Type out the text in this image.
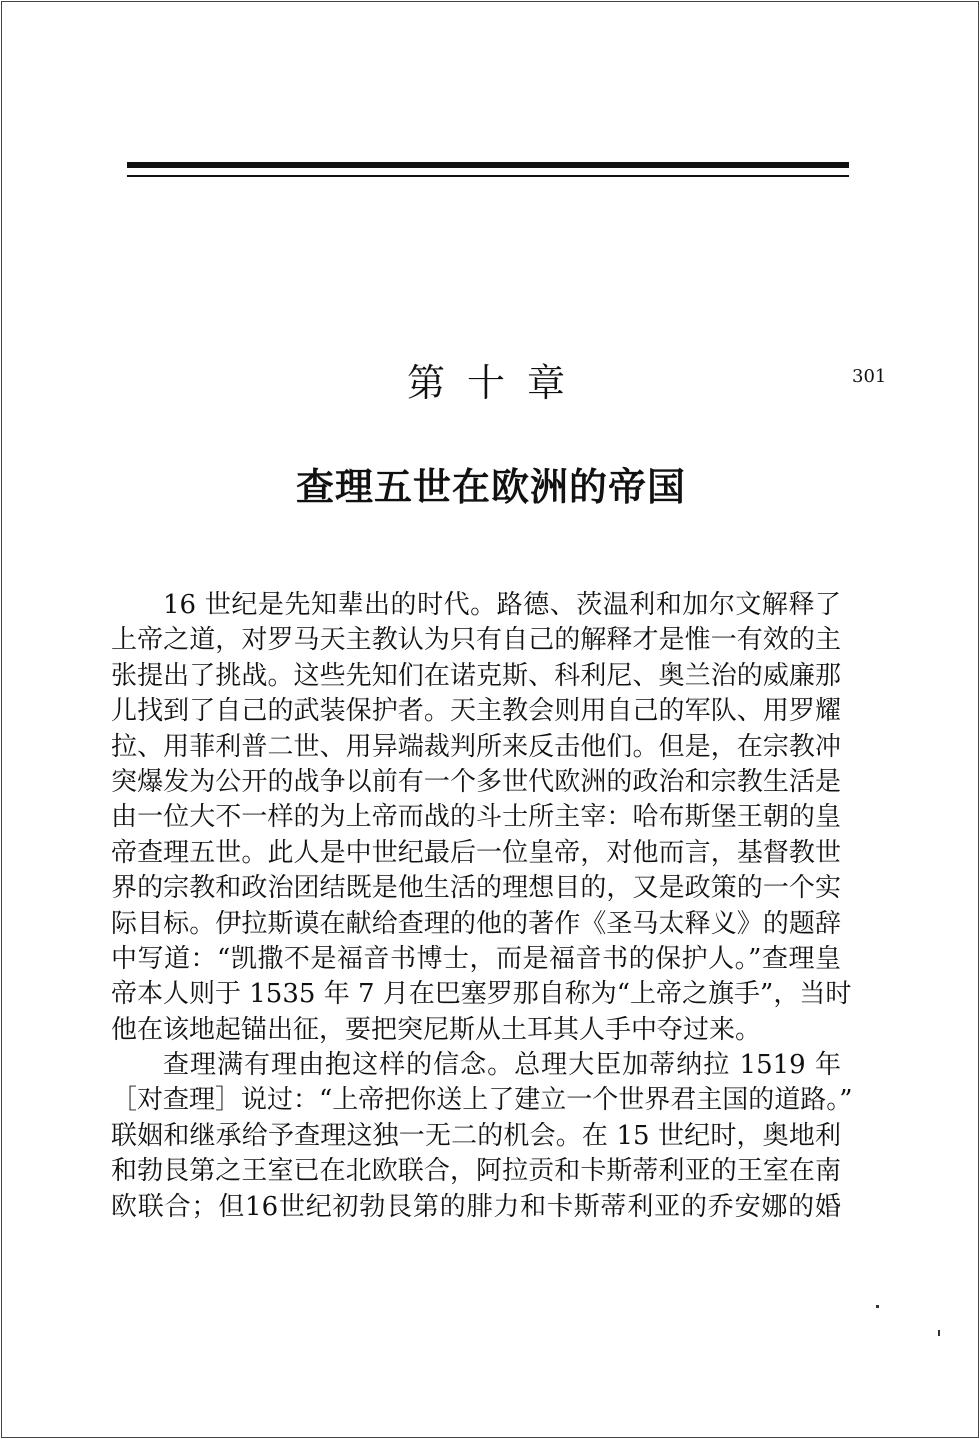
第十章	301
查理五世在欧洲的帝国
16 世纪是先知辈出的时代。路德、茨温利和加尔文解释了
上帝之道，对罗马天主教认为只有自己的解释才是惟一有效的主
张提出了挑战。这些先知们在诺克斯、科利尼、奥兰治的威廉那
儿找到了自己的武装保护者。天主教会则用自己的军队、用罗耀
拉、用菲利普二世、用异端裁判所来反击他们。但是，在宗教冲
突爆发为公开的战争以前有一个多世代欧洲的政治和宗教生活是
由一位大不一样的为上帝而战的斗士所主宰：哈布斯堡王朝的皇
帝查理五世。此人是中世纪最后一位皇帝，对他而言，基督教世
界的宗教和政治团结既是他生活的理想目的，又是政策的一个实
际目标。伊拉斯谟在献给查理的他的著作《圣马太释义》的题辞
中写道：“凯撒不是福音书博士，而是福音书的保护人。”查理皇
帝本人则于 1535 年 7 月在巴塞罗那自称为“上帝之旗手”，当时
他在该地起锚出征，要把突尼斯从土耳其人手中夺过来。
查理满有理由抱这样的信念。总理大臣加蒂纳拉 1519 年
［对查理］说过：“上帝把你送上了建立一个世界君主国的道路。”
联姻和继承给予查理这独一无二的机会。在 15 世纪时，奥地利
和勃艮第之王室已在北欧联合，阿拉贡和卡斯蒂利亚的王室在南
欧联合；但16世纪初勃艮第的腓力和卡斯蒂利亚的乔安娜的婚
